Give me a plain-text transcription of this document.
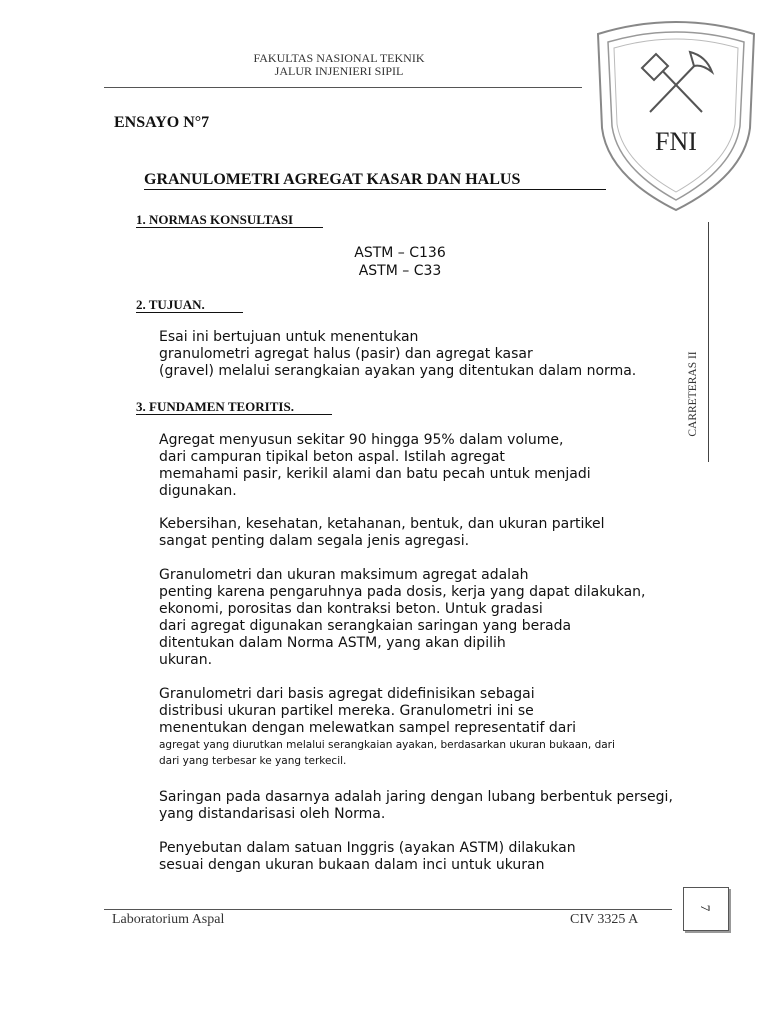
FAKULTAS NASIONAL TEKNIK
JALUR INJENIERI SIPIL
FNI
ENSAYO N°7
GRANULOMETRI AGREGAT KASAR DAN HALUS
1. NORMAS KONSULTASI
ASTM – C136
ASTM – C33
2. TUJUAN.
Esai ini bertujuan untuk menentukan
granulometri agregat halus (pasir) dan agregat kasar
(gravel) melalui serangkaian ayakan yang ditentukan dalam norma.
3. FUNDAMEN TEORITIS.
Agregat menyusun sekitar 90 hingga 95% dalam volume,
dari campuran tipikal beton aspal. Istilah agregat
memahami pasir, kerikil alami dan batu pecah untuk menjadi
digunakan.
Kebersihan, kesehatan, ketahanan, bentuk, dan ukuran partikel
sangat penting dalam segala jenis agregasi.
Granulometri dan ukuran maksimum agregat adalah
penting karena pengaruhnya pada dosis, kerja yang dapat dilakukan,
ekonomi, porositas dan kontraksi beton. Untuk gradasi
dari agregat digunakan serangkaian saringan yang berada
ditentukan dalam Norma ASTM, yang akan dipilih
ukuran.
Granulometri dari basis agregat didefinisikan sebagai
distribusi ukuran partikel mereka. Granulometri ini se
menentukan dengan melewatkan sampel representatif dari
agregat yang diurutkan melalui serangkaian ayakan, berdasarkan ukuran bukaan, dari
dari yang terbesar ke yang terkecil.
Saringan pada dasarnya adalah jaring dengan lubang berbentuk persegi,
yang distandarisasi oleh Norma.
Penyebutan dalam satuan Inggris (ayakan ASTM) dilakukan
sesuai dengan ukuran bukaan dalam inci untuk ukuran
CARRETERAS II
Laboratorium Aspal	CIV 3325 A
7
